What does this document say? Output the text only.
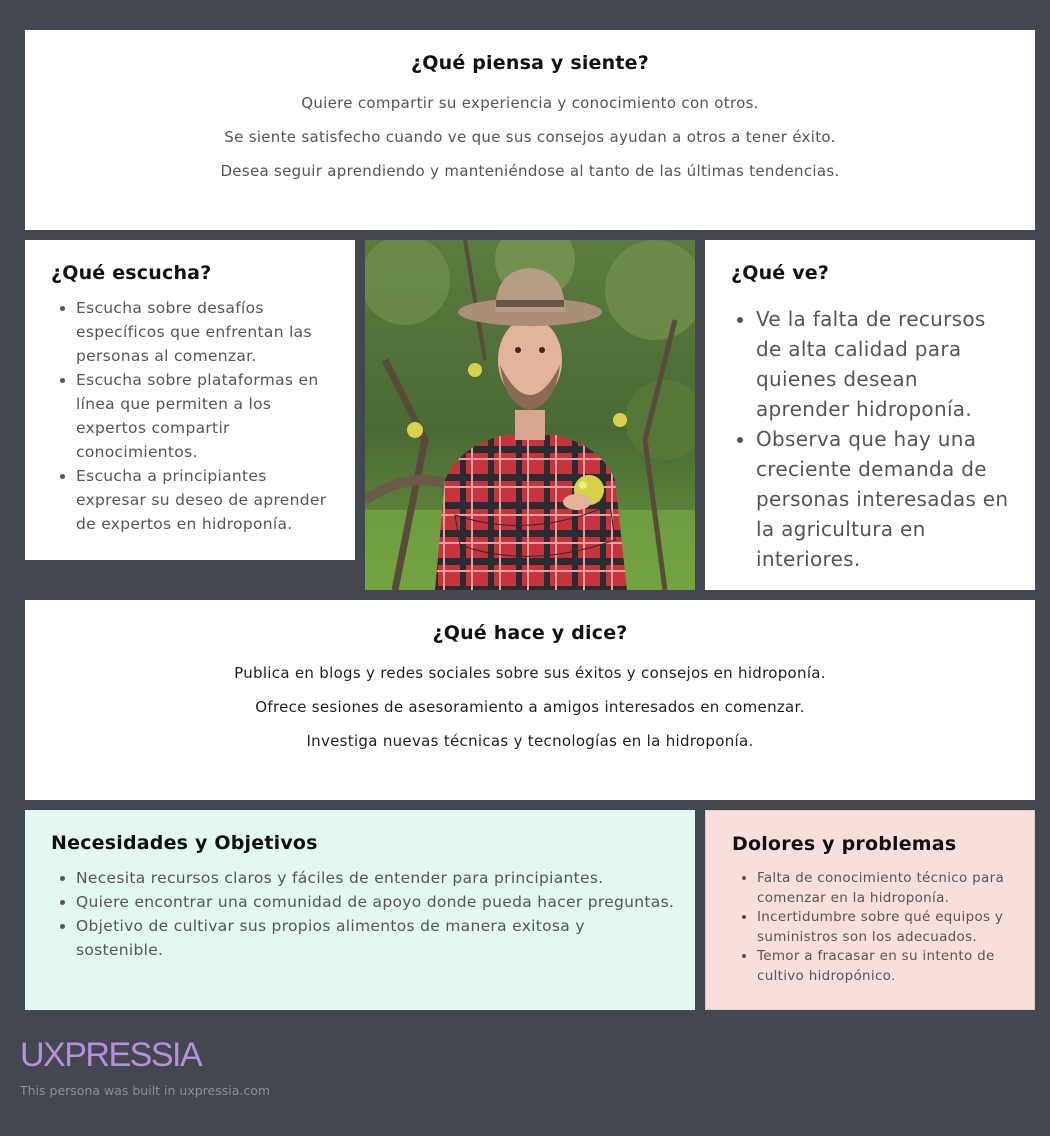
¿Qué piensa y siente?

Quiere compartir su experiencia y conocimiento con otros.

Se siente satisfecho cuando ve que sus consejos ayudan a otros a tener éxito.

Desea seguir aprendiendo y manteniéndose al tanto de las últimas tendencias.

¿Qué escucha?
• Escucha sobre desafíos específicos que enfrentan las personas al comenzar.
• Escucha sobre plataformas en línea que permiten a los expertos compartir conocimientos.
• Escucha a principiantes expresar su deseo de aprender de expertos en hidroponía.
¿Qué ve?
• Ve la falta de recursos de alta calidad para quienes desean aprender hidroponía.
• Observa que hay una creciente demanda de personas interesadas en la agricultura en interiores.
¿Qué hace y dice?

Publica en blogs y redes sociales sobre sus éxitos y consejos en hidroponía.

Ofrece sesiones de asesoramiento a amigos interesados en comenzar.

Investiga nuevas técnicas y tecnologías en la hidroponía.

Necesidades y Objetivos
• Necesita recursos claros y fáciles de entender para principiantes.
• Quiere encontrar una comunidad de apoyo donde pueda hacer preguntas.
• Objetivo de cultivar sus propios alimentos de manera exitosa y sostenible.
Dolores y problemas
• Falta de conocimiento técnico para comenzar en la hidroponía.
• Incertidumbre sobre qué equipos y suministros son los adecuados.
• Temor a fracasar en su intento de cultivo hidropónico.
UXPRESSIA
This persona was built in uxpressia.com
